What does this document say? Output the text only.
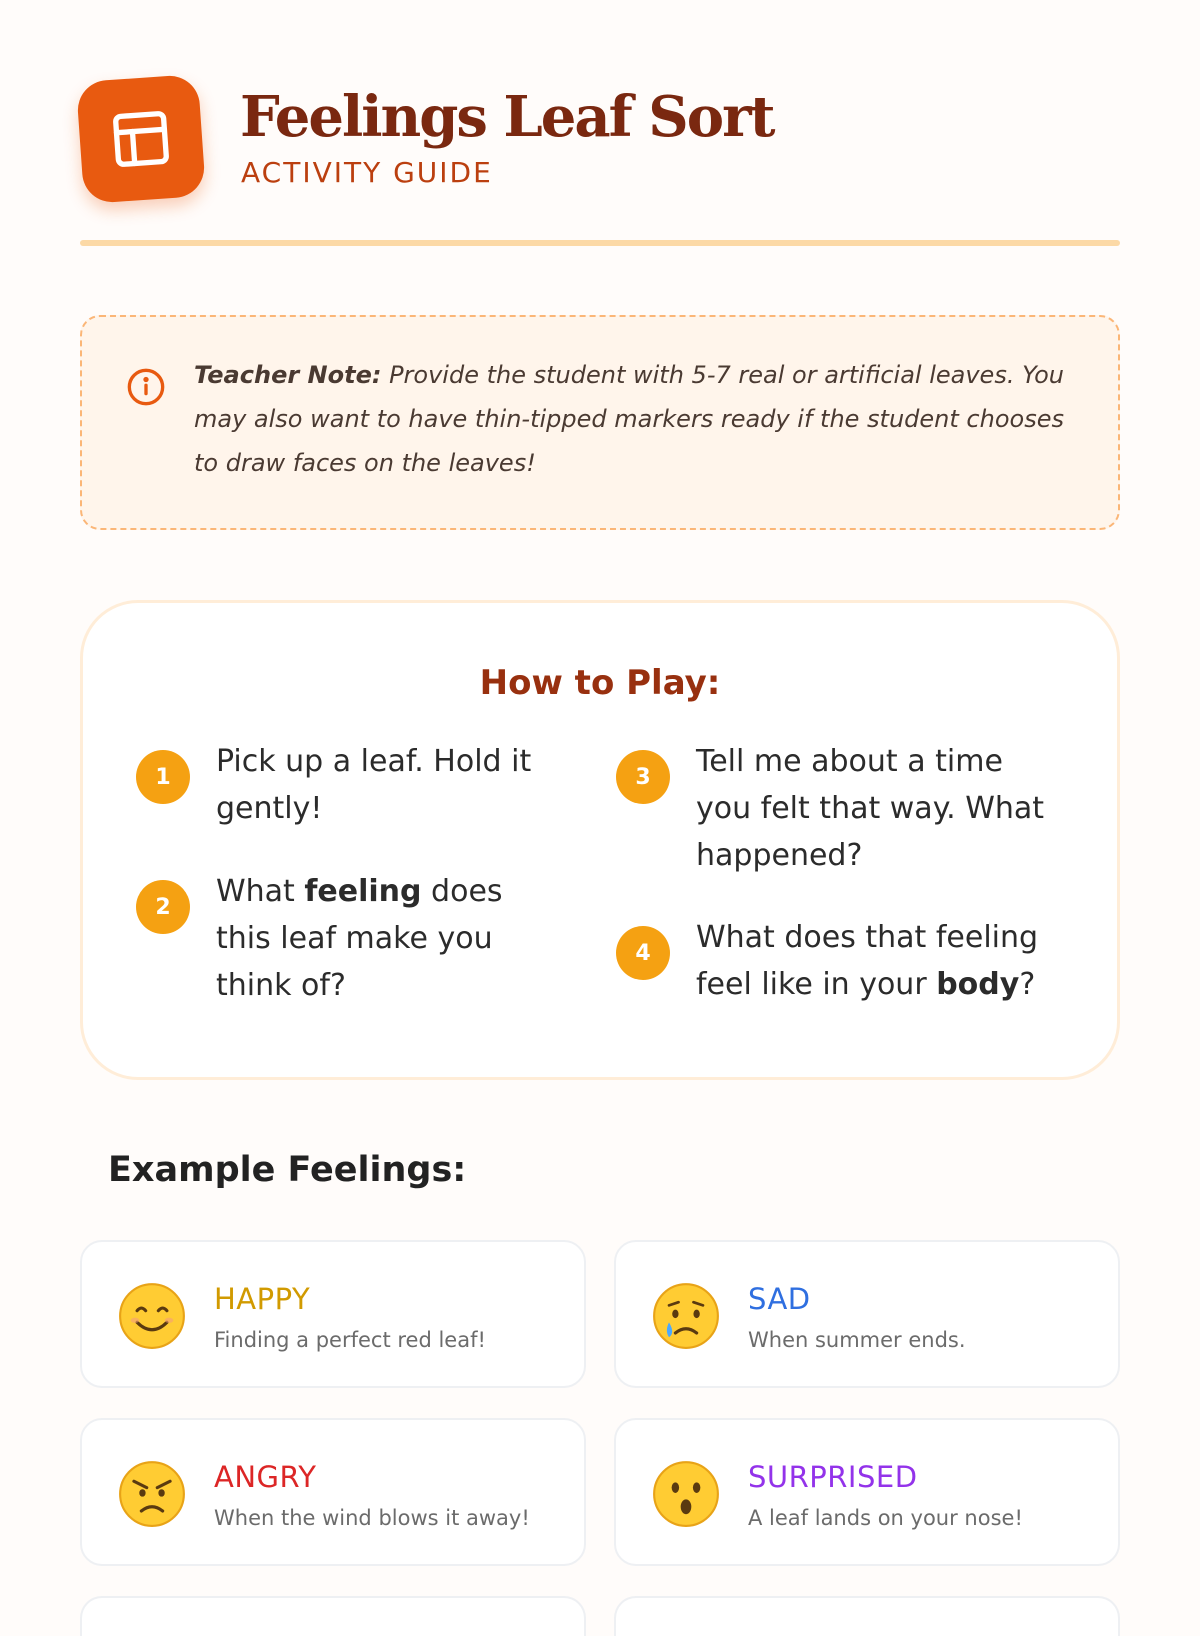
Feelings Leaf Sort
ACTIVITY GUIDE
Teacher Note: Provide the student with 5-7 real or artificial leaves. You may also want to have thin-tipped markers ready if the student chooses to draw faces on the leaves!
How to Play:
1	Pick up a leaf. Hold it gently!
2	What feeling does this leaf make you think of?
3	Tell me about a time you felt that way. What happened?
4	What does that feeling feel like in your body?
Example Feelings:
HAPPY
Finding a perfect red leaf!
SAD
When summer ends.
ANGRY
When the wind blows it away!
SURPRISED
A leaf lands on your nose!
